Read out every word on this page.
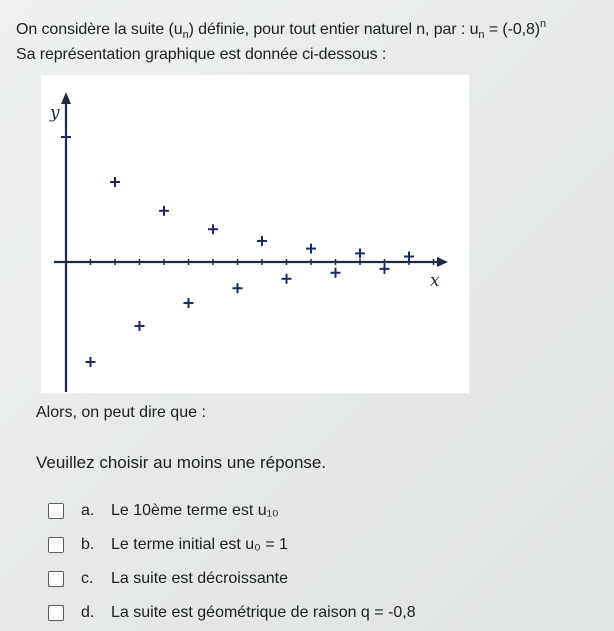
On considère la suite $(u_n)$ définie, pour tout entier naturel n, par : $u_n = (-0,8)^n$
Sa représentation graphique est donnée ci-dessous :
y
x
Alors, on peut dire que :
Veuillez choisir au moins une réponse.
a.	Le 10ème terme est u₁₀
b.	Le terme initial est u₀ = 1
c.	La suite est décroissante
d.	La suite est géométrique de raison q = -0,8
